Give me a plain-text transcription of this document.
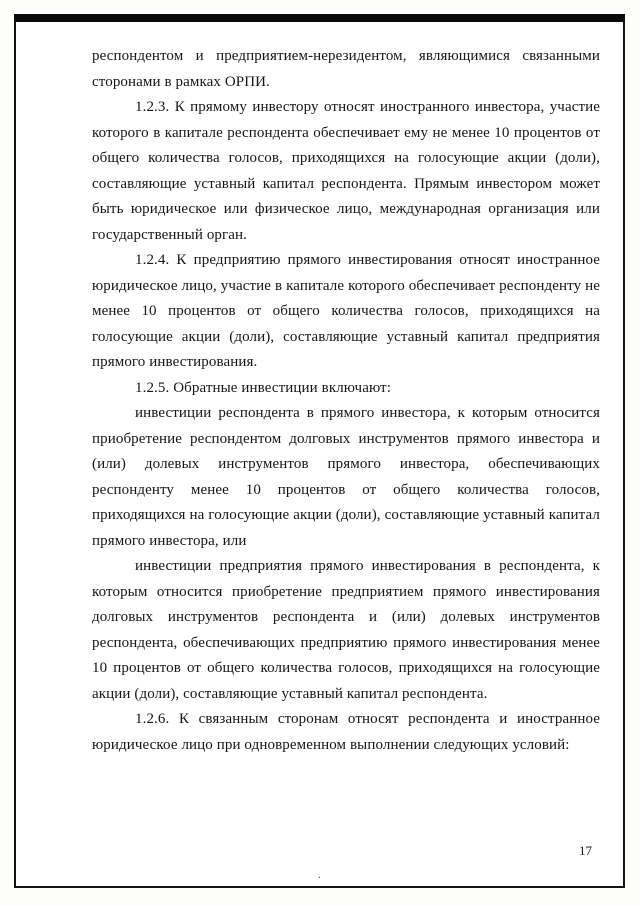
респондентом и предприятием-нерезидентом, являющимися связанными сторонами в рамках ОРПИ.

1.2.3. К прямому инвестору относят иностранного инвестора, участие которого в капитале респондента обеспечивает ему не менее 10 процентов от общего количества голосов, приходящихся на голосующие акции (доли), составляющие уставный капитал респондента. Прямым инвестором может быть юридическое или физическое лицо, международная организация или государственный орган.

1.2.4. К предприятию прямого инвестирования относят иностранное юридическое лицо, участие в капитале которого обеспечивает респонденту не менее 10 процентов от общего количества голосов, приходящихся на голосующие акции (доли), составляющие уставный капитал предприятия прямого инвестирования.

1.2.5. Обратные инвестиции включают:

инвестиции респондента в прямого инвестора, к которым относится приобретение респондентом долговых инструментов прямого инвестора и (или) долевых инструментов прямого инвестора, обеспечивающих респонденту менее 10 процентов от общего количества голосов, приходящихся на голосующие акции (доли), составляющие уставный капитал прямого инвестора, или

инвестиции предприятия прямого инвестирования в респондента, к которым относится приобретение предприятием прямого инвестирования долговых инструментов респондента и (или) долевых инструментов респондента, обеспечивающих предприятию прямого инвестирования менее 10 процентов от общего количества голосов, приходящихся на голосующие акции (доли), составляющие уставный капитал респондента.

1.2.6. К связанным сторонам относят респондента и иностранное юридическое лицо при одновременном выполнении следующих условий:

17
.
